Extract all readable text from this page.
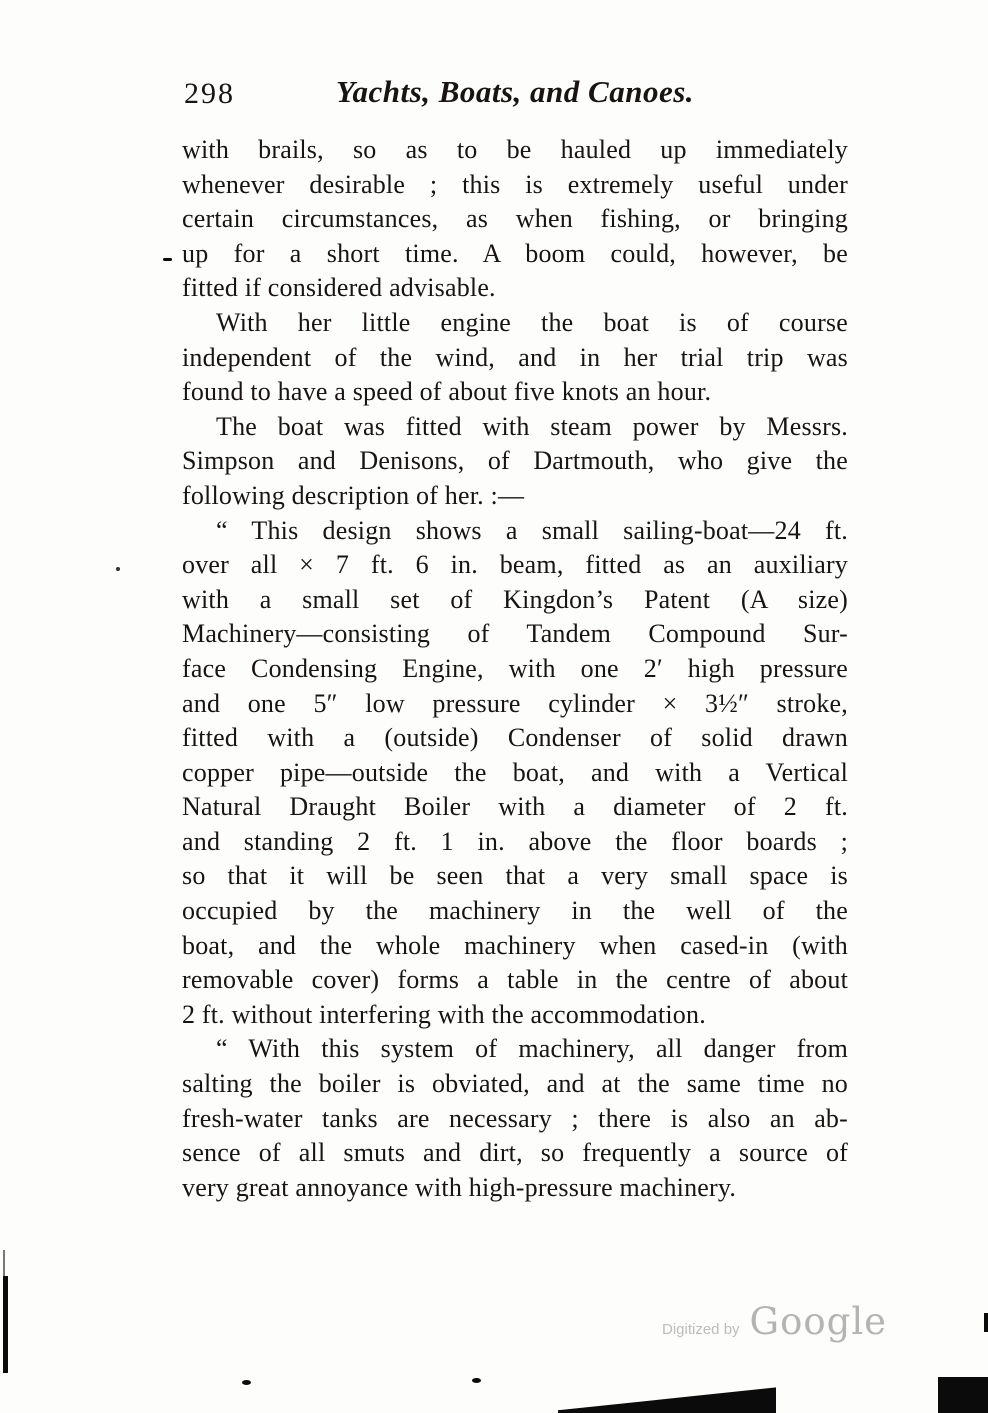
298	Yachts, Boats, and Canoes.
with brails, so as to be hauled up immediately
whenever desirable ; this is extremely useful under
certain circumstances, as when fishing, or bringing
up for a short time. A boom could, however, be
fitted if considered advisable.
With her little engine the boat is of course
independent of the wind, and in her trial trip was
found to have a speed of about five knots an hour.
The boat was fitted with steam power by Messrs.
Simpson and Denisons, of Dartmouth, who give the
following description of her. :—
“ This design shows a small sailing-boat—24 ft.
over all × 7 ft. 6 in. beam, fitted as an auxiliary
with a small set of Kingdon’s Patent (A size)
Machinery—consisting of Tandem Compound Sur-
face Condensing Engine, with one 2′ high pressure
and one 5″ low pressure cylinder × 3½″ stroke,
fitted with a (outside) Condenser of solid drawn
copper pipe—outside the boat, and with a Vertical
Natural Draught Boiler with a diameter of 2 ft.
and standing 2 ft. 1 in. above the floor boards ;
so that it will be seen that a very small space is
occupied by the machinery in the well of the
boat, and the whole machinery when cased-in (with
removable cover) forms a table in the centre of about
2 ft. without interfering with the accommodation.
“ With this system of machinery, all danger from
salting the boiler is obviated, and at the same time no
fresh-water tanks are necessary ; there is also an ab-
sence of all smuts and dirt, so frequently a source of
very great annoyance with high-pressure machinery.
Digitized by Google
